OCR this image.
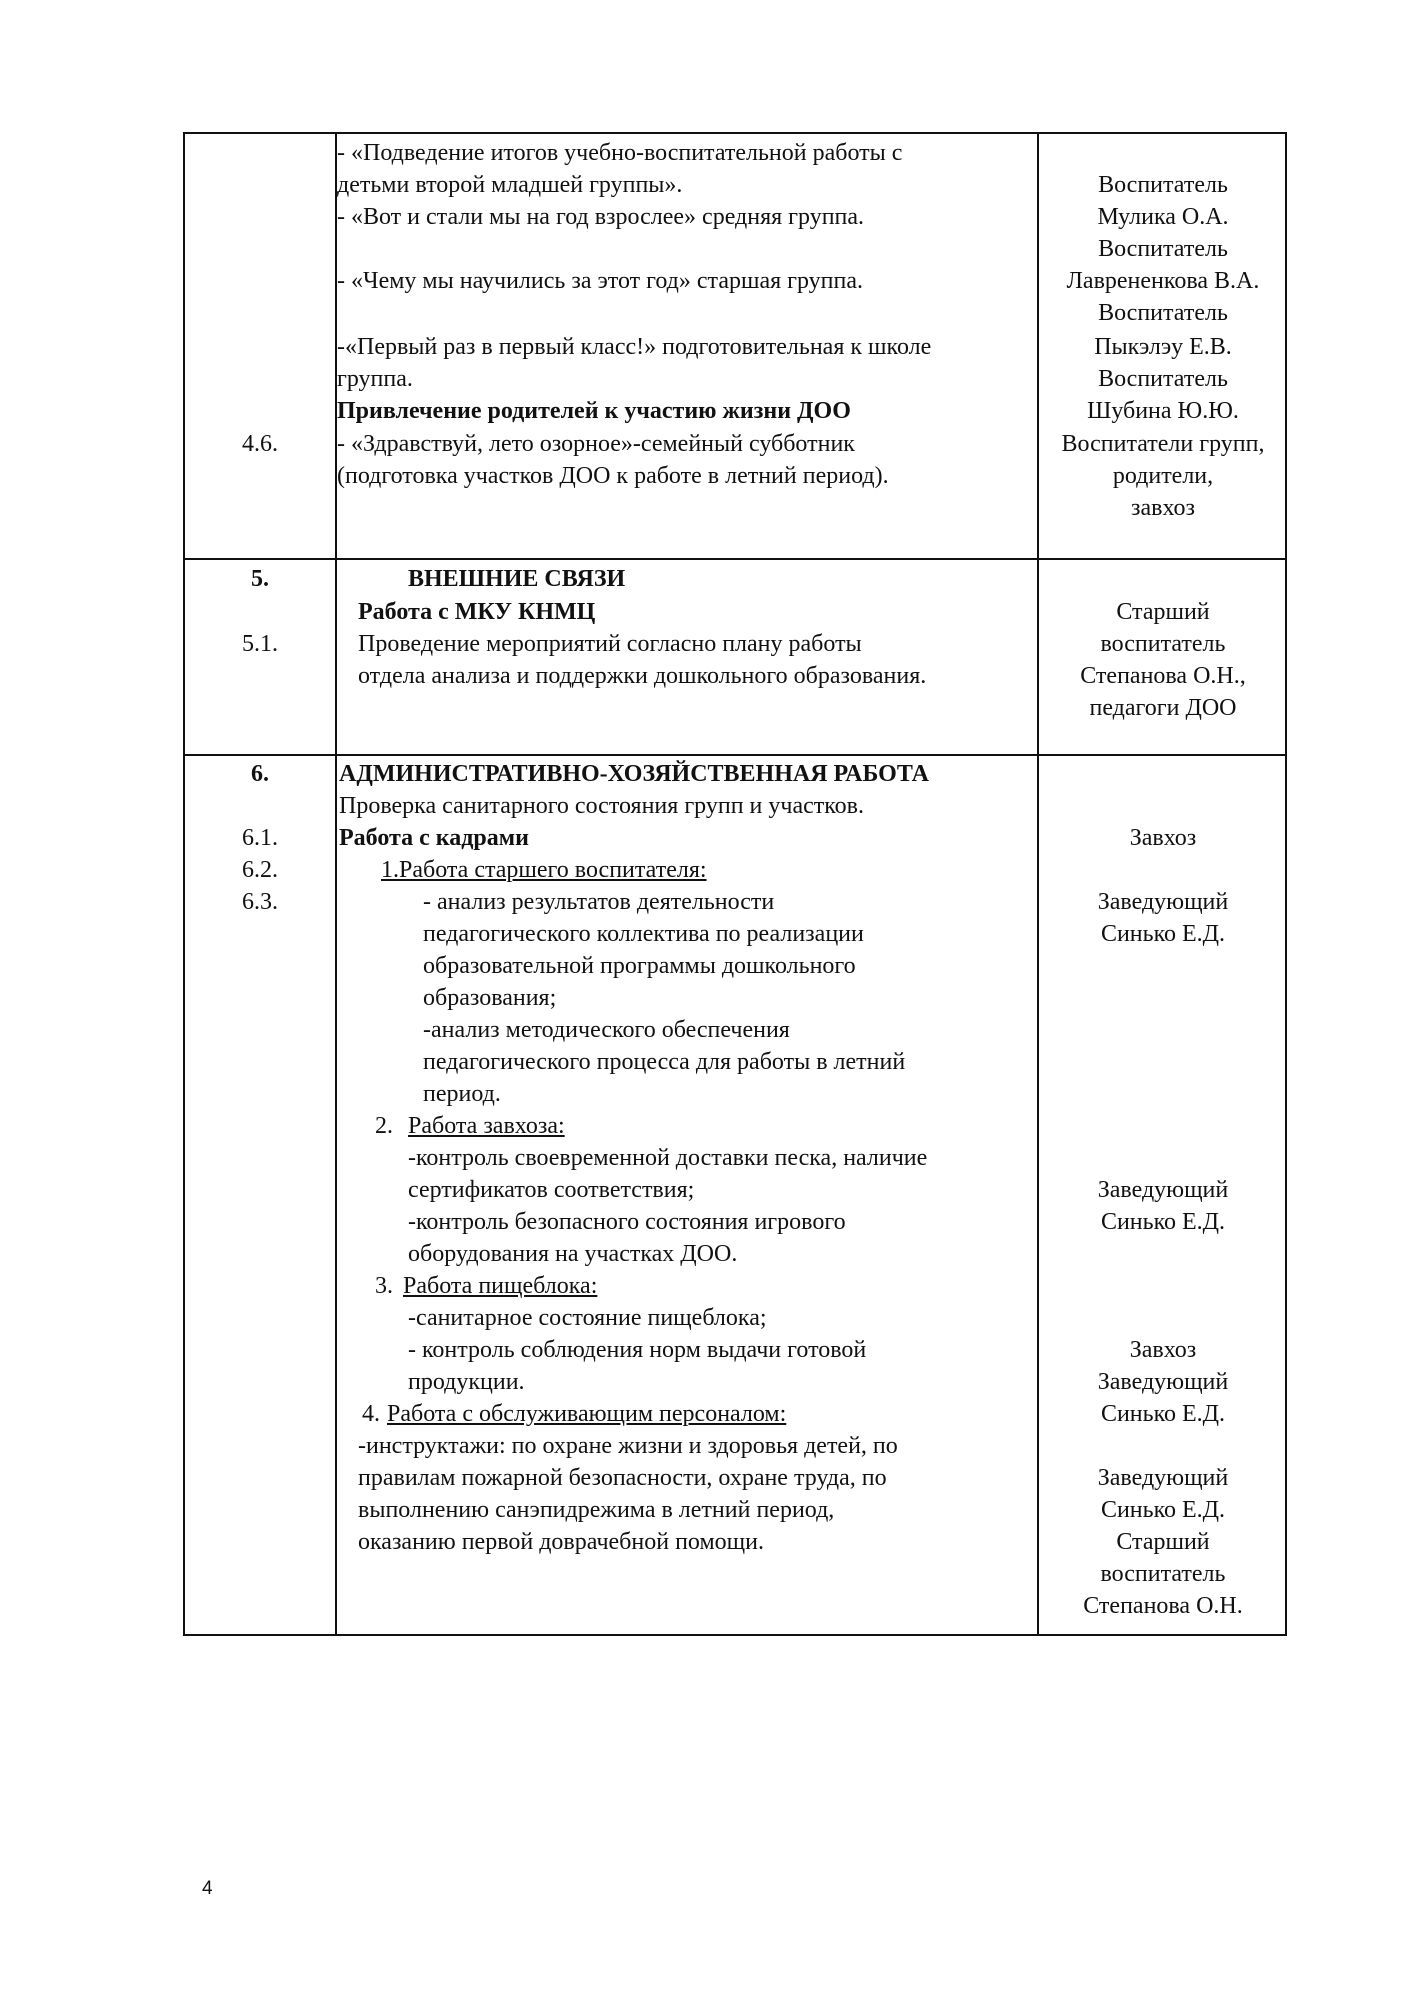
4.6.
- «Подведение итогов учебно-воспитательной работы с
детьми второй младшей группы».
- «Вот и стали мы на год взрослее» средняя группа.
- «Чему мы научились за этот год» старшая группа.
-«Первый раз в первый класс!» подготовительная к школе
группа.
Привлечение родителей к участию жизни ДОО
- «Здравствуй, лето озорное»-семейный субботник
(подготовка участков ДОО к работе в летний период).
Воспитатель
Мулика О.А.
Воспитатель
Лаврененкова В.А.
Воспитатель
Пыкэлэу Е.В.
Воспитатель
Шубина Ю.Ю.
Воспитатели групп,
родители,
завхоз
5.
5.1.
ВНЕШНИЕ СВЯЗИ
Работа с МКУ КНМЦ
Проведение мероприятий согласно плану работы
отдела анализа и поддержки дошкольного образования.
Старший
воспитатель
Степанова О.Н.,
педагоги ДОО
6.
6.1.
6.2.
6.3.
АДМИНИСТРАТИВНО-ХОЗЯЙСТВЕННАЯ РАБОТА
Проверка санитарного состояния групп и участков.
Работа с кадрами
1.Работа старшего воспитателя:
- анализ результатов деятельности
педагогического коллектива по реализации
образовательной программы дошкольного
образования;
-анализ методического обеспечения
педагогического процесса для работы в летний
период.
2. Работа завхоза:
-контроль своевременной доставки песка, наличие
сертификатов соответствия;
-контроль безопасного состояния игрового
оборудования на участках ДОО.
3. Работа пищеблока:
-санитарное состояние пищеблока;
- контроль соблюдения норм выдачи готовой
продукции.
4. Работа с обслуживающим персоналом:
-инструктажи: по охране жизни и здоровья детей, по
правилам пожарной безопасности, охране труда, по
выполнению санэпидрежима в летний период,
оказанию первой доврачебной помощи.
Завхоз
Заведующий
Синько Е.Д.
Заведующий
Синько Е.Д.
Завхоз
Заведующий
Синько Е.Д.
Заведующий
Синько Е.Д.
Старший
воспитатель
Степанова О.Н.
4
